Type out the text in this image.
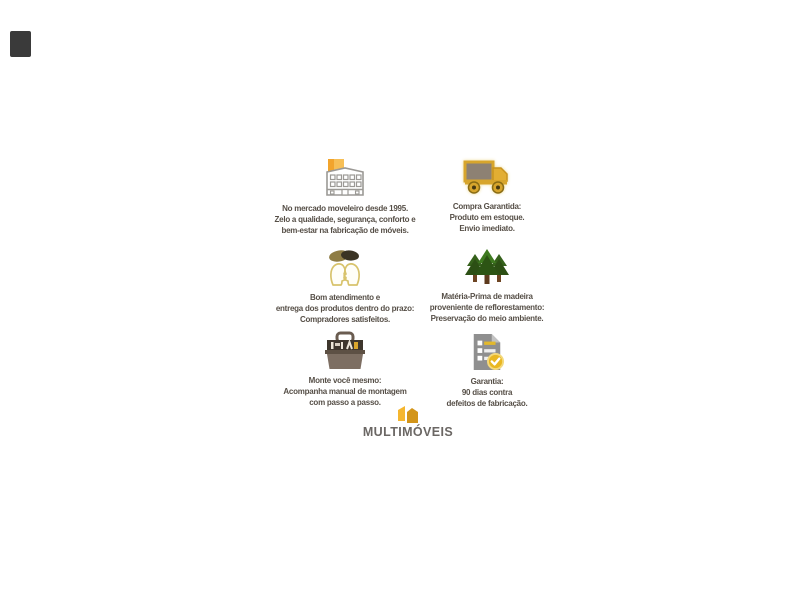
No mercado moveleiro desde 1995.
Zelo a qualidade, segurança, conforto e
bem-estar na fabricação de móveis.
Compra Garantida:
Produto em estoque.
Envio imediato.
Bom atendimento e
entrega dos produtos dentro do prazo:
Compradores satisfeitos.
Matéria-Prima de madeira
proveniente de reflorestamento:
Preservação do meio ambiente.
Monte você mesmo:
Acompanha manual de montagem
com passo a passo.
Garantia:
90 dias contra
defeitos de fabricação.
MULTIMÓVEIS
